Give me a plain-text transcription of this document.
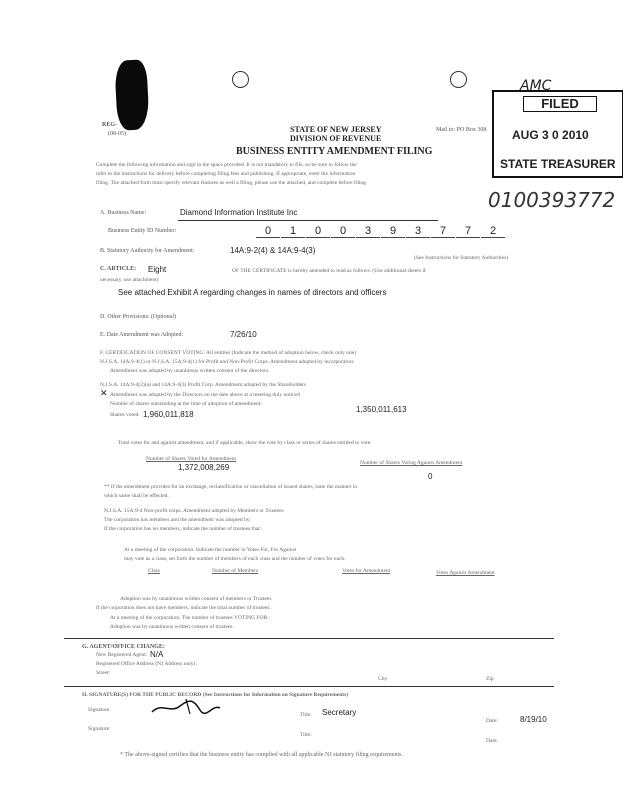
AMC
FILED
AUG 3 0 2010
STATE TREASURER
0100393772
REG-
(08-05)	STATE OF NEW JERSEY
DIVISION OF REVENUE
BUSINESS ENTITY AMENDMENT FILING
Mail to: PO Box 308
Complete the following information and sign in the space provided. It is not mandatory to file, so be sure to follow the
refer to the instructions for delivery before completing filing fees and publishing. If appropriate, enter the information
filing. The attached form must specify relevant features as well a filing, please use the attached, and complete before filing.
A. Business Name:	Diamond Information Institute Inc
Business Entity ID Number:	0 1 0 0 3 9 3 7 7 2
B. Statutory Authority for Amendment:	14A:9-2(4) & 14A:9-4(3)
(See Instructions for Statutory Authorities)
C. ARTICLE: Eight	OF THE CERTIFICATE is hereby amended to read as follows: (Use additional sheets if
necessary, use attachment)
See attached Exhibit A regarding changes in names of directors and officers
D. Other Provisions: (Optional)
E. Date Amendment was Adopted:	7/26/10
F. CERTIFICATION OF CONSENT VOTING: All entities (Indicate the method of adoption below, check only one)
N.J.S.A. 14A:9-4(1) or N.J.S.A. 15A:9-4(1) for Profit and Non-Profit Corps. Amendment adopted by incorporators
Amendment was adopted by unanimous written consent of the directors.
N.J.S.A. 14A:9-4(2)(a) and 14A:9-4(3) Profit Corp. Amendment adopted by the Shareholders
✕ Amendment was adopted by the Directors on the date above at a meeting duly noticed
Number of shares outstanding at the time of adoption of amendment:
1,350,011,613
Shares voted: 1,960,011,818
Total votes for and against amendment, and if applicable, show the vote by class or series of shares entitled to vote:
Number of Shares Voted for Amendment
1,372,008,269	Number of Shares Voting Against Amendment
0
** If the amendment provides for an exchange, reclassification or cancellation of issued shares, state the manner in
which same shall be effected.
N.J.S.A. 15A:9-4 Non-profit corps. Amendment adopted by Members or Trustees
The corporation has members and the amendment was adopted by:
If the corporation has no members, indicate the number of trustees that:
At a meeting of the corporation. Indicate the number in Votes For, For Against
may vote as a class, set forth the number of members of each class and the number of votes for each.
Class	Number of Members	Votes for Amendment	Votes Against Amendment
Adoption was by unanimous written consent of members or Trustees
If the corporation does not have members, indicate the total number of trustees:
At a meeting of the corporation. The number of trustees VOTING FOR:
Adoption was by unanimous written consent of trustees.
G. AGENT/OFFICE CHANGE:
New Registered Agent: N/A
Registered Office Address (NJ Address only):
Street:
City	Zip
H. SIGNATURE(S) FOR THE PUBLIC RECORD (See Instructions for Information on Signature Requirements)
Signature:
Title: Secretary
Date:	8/19/10
Signature:
Title:
Date:
* The above-signed certifies that the business entity has complied with all applicable NJ statutory filing requirements.
